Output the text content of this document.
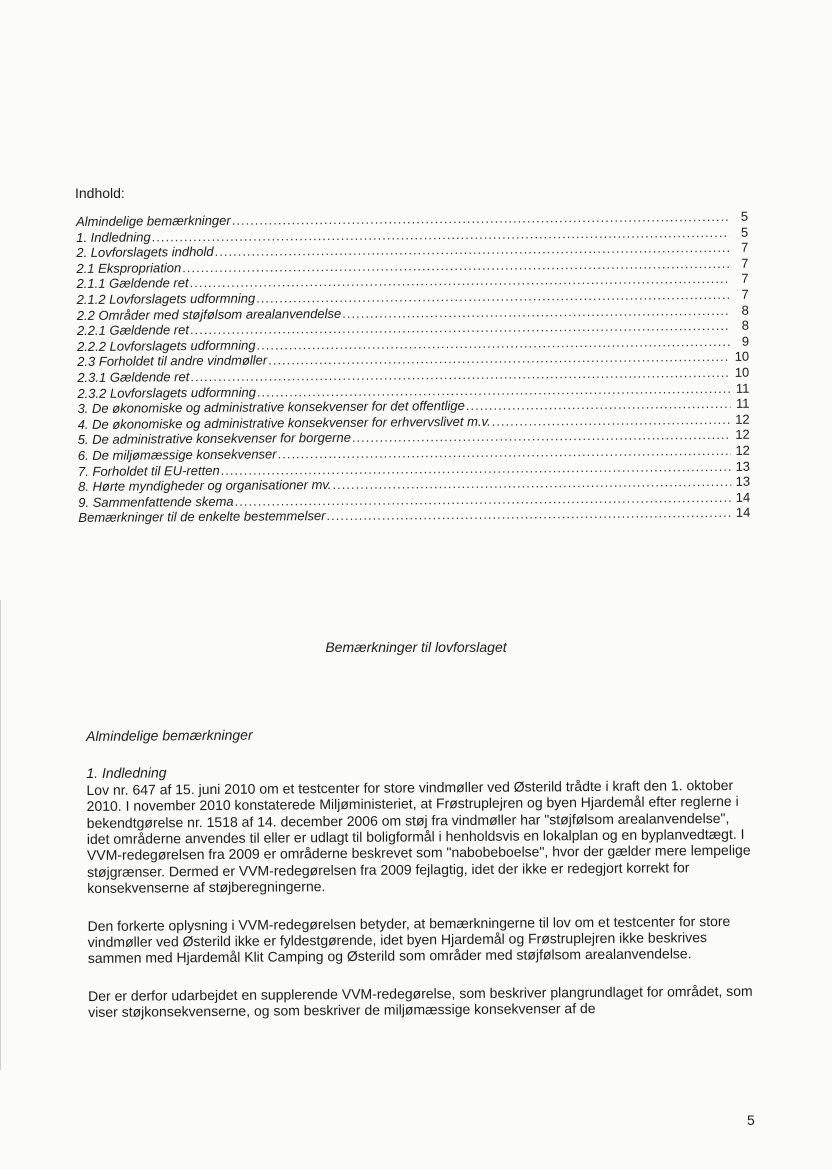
Indhold:
Almindelige bemærkninger .....	5
1. Indledning .....	5
2. Lovforslagets indhold .....	7
2.1 Ekspropriation .....	7
2.1.1 Gældende ret .....	7
2.1.2 Lovforslagets udformning .....	7
2.2 Områder med støjfølsom arealanvendelse .....	8
2.2.1 Gældende ret .....	8
2.2.2 Lovforslagets udformning .....	9
2.3 Forholdet til andre vindmøller .....	10
2.3.1 Gældende ret .....	10
2.3.2 Lovforslagets udformning .....	11
3. De økonomiske og administrative konsekvenser for det offentlige .....	11
4. De økonomiske og administrative konsekvenser for erhvervslivet m.v. .....	12
5. De administrative konsekvenser for borgerne .....	12
6. De miljømæssige konsekvenser .....	12
7. Forholdet til EU-retten .....	13
8. Hørte myndigheder og organisationer mv. .....	13
9. Sammenfattende skema .....	14
Bemærkninger til de enkelte bestemmelser .....	14
Bemærkninger til lovforslaget

Almindelige bemærkninger

1. Indledning

Lov nr. 647 af 15. juni 2010 om et testcenter for store vindmøller ved Østerild trådte i kraft den 1. oktober 2010. I november 2010 konstaterede Miljøministeriet, at Frøstruplejren og byen Hjardemål efter reglerne i bekendtgørelse nr. 1518 af 14. december 2006 om støj fra vindmøller har "støjfølsom arealanvendelse", idet områderne anvendes til eller er udlagt til boligformål i henholdsvis en lokalplan og en byplanvedtægt. I VVM-redegørelsen fra 2009 er områderne beskrevet som "nabobeboelse", hvor der gælder mere lempelige støjgrænser. Dermed er VVM-redegørelsen fra 2009 fejlagtig, idet der ikke er redegjort korrekt for konsekvenserne af støjberegningerne.

Den forkerte oplysning i VVM-redegørelsen betyder, at bemærkningerne til lov om et testcenter for store vindmøller ved Østerild ikke er fyldestgørende, idet byen Hjardemål og Frøstruplejren ikke beskrives sammen med Hjardemål Klit Camping og Østerild som områder med støjfølsom arealanvendelse.

Der er derfor udarbejdet en supplerende VVM-redegørelse, som beskriver plangrundlaget for området, som viser støjkonsekvenserne, og som beskriver de miljømæssige konsekvenser af de

5
